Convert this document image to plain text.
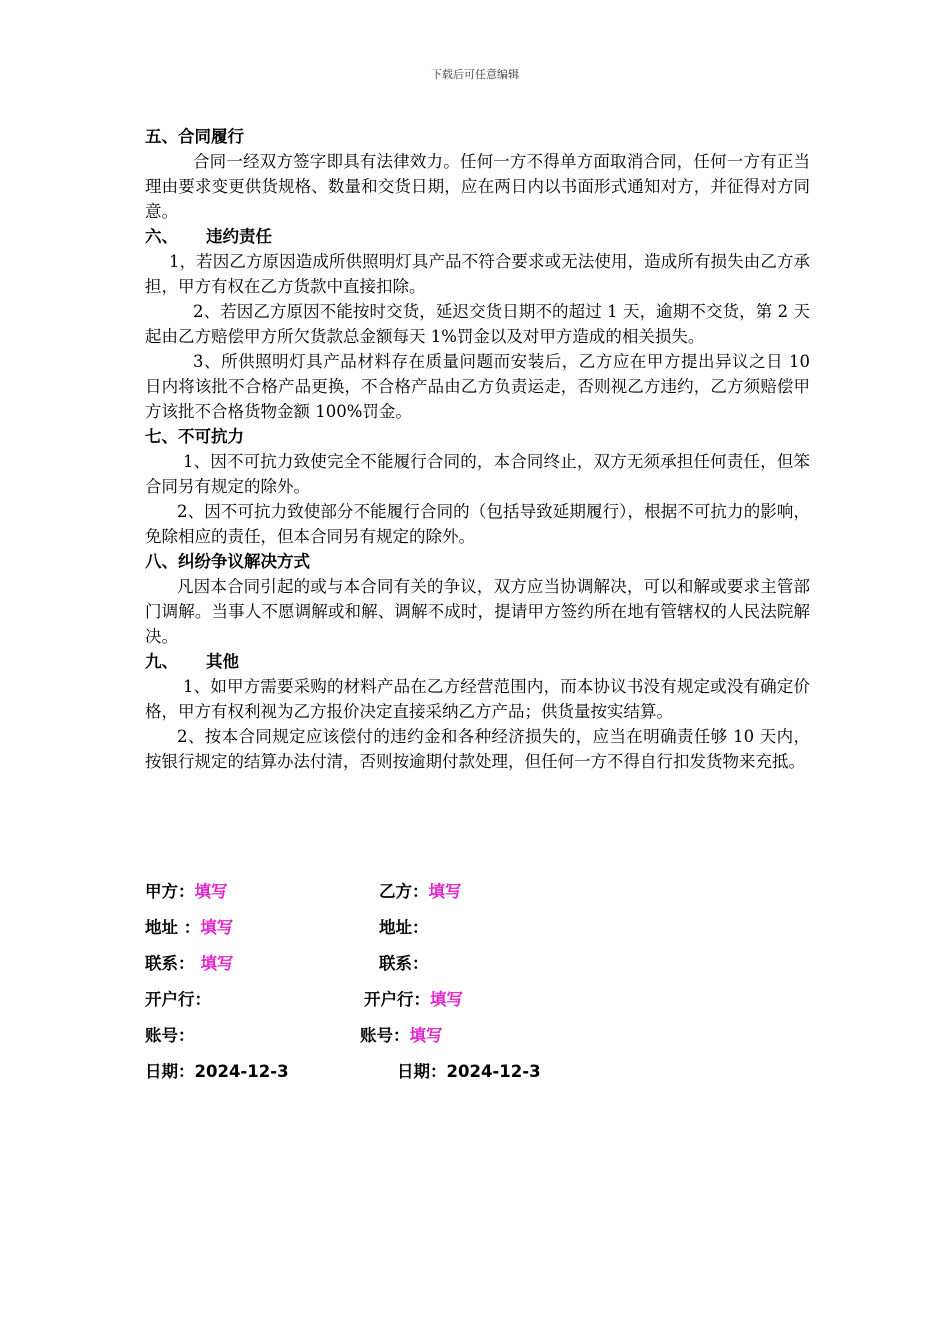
下载后可任意编辑
五、合同履行
合同一经双方签字即具有法律效力。任何一方不得单方面取消合同，任何一方有正当理由要求变更供货规格、数量和交货日期，应在两日内以书面形式通知对方，并征得对方同意。
六、 违约责任
1，若因乙方原因造成所供照明灯具产品不符合要求或无法使用，造成所有损失由乙方承担，甲方有权在乙方货款中直接扣除。
2、若因乙方原因不能按时交货，延迟交货日期不的超过 1 天，逾期不交货，第 2 天起由乙方赔偿甲方所欠货款总金额每天 1%罚金以及对甲方造成的相关损失。
3、所供照明灯具产品材料存在质量问题而安装后，乙方应在甲方提出异议之日 10 日内将该批不合格产品更换，不合格产品由乙方负责运走，否则视乙方违约，乙方须赔偿甲方该批不合格货物金额 100%罚金。
七、不可抗力
1、因不可抗力致使完全不能履行合同的，本合同终止，双方无须承担任何责任，但笨合同另有规定的除外。
2、因不可抗力致使部分不能履行合同的（包括导致延期履行），根据不可抗力的影响，免除相应的责任，但本合同另有规定的除外。
八、纠纷争议解决方式
凡因本合同引起的或与本合同有关的争议，双方应当协调解决，可以和解或要求主管部门调解。当事人不愿调解或和解、调解不成时，提请甲方签约所在地有管辖权的人民法院解决。
九、 其他
1、如甲方需要采购的材料产品在乙方经营范围内，而本协议书没有规定或没有确定价格，甲方有权利视为乙方报价决定直接采纳乙方产品；供货量按实结算。
2、按本合同规定应该偿付的违约金和各种经济损失的，应当在明确责任够 10 天内，按银行规定的结算办法付清，否则按逾期付款处理，但任何一方不得自行扣发货物来充抵。
甲方：填写	乙方：填写
地址 ：填写	地址：
联系： 填写	联系：
开户行：	开户行：填写
账号：	账号：填写
日期：2024-12-3	日期：2024-12-3
